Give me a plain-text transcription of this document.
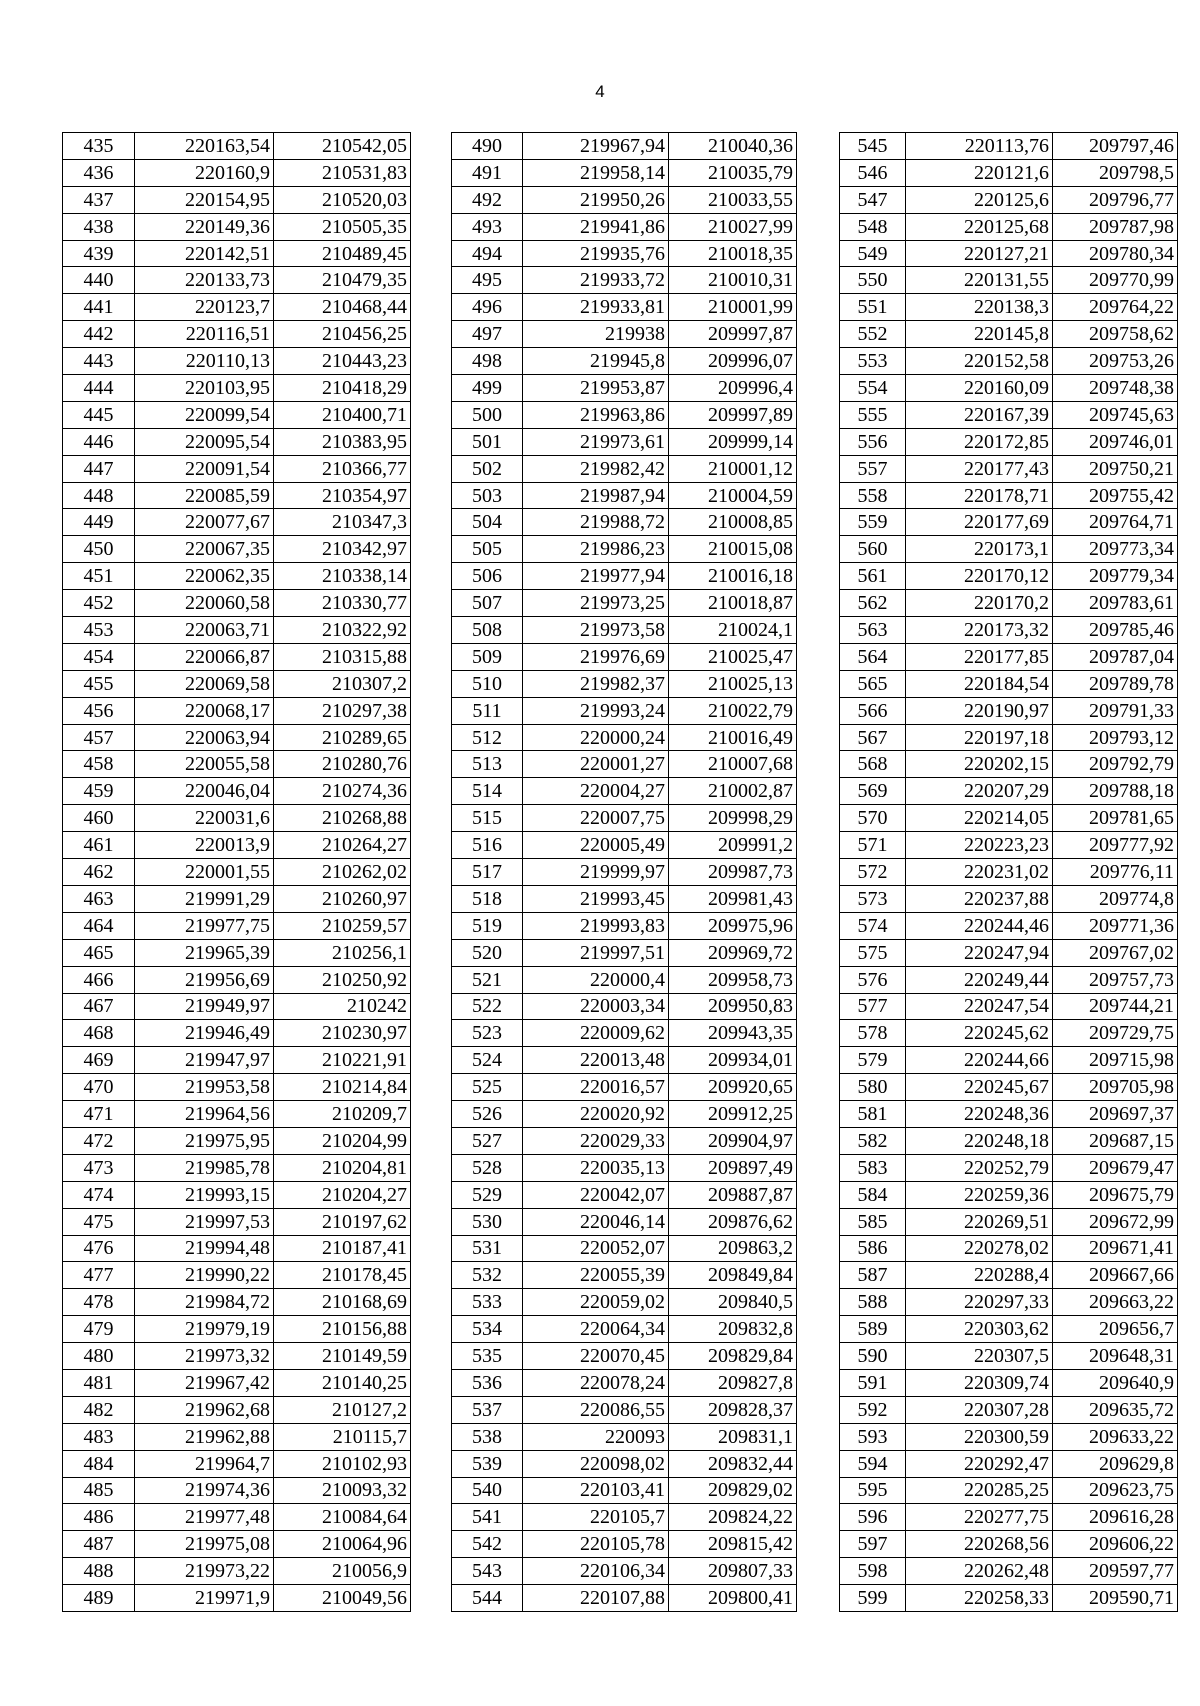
4
435	220163,54	210542,05
436	220160,9	210531,83
437	220154,95	210520,03
438	220149,36	210505,35
439	220142,51	210489,45
440	220133,73	210479,35
441	220123,7	210468,44
442	220116,51	210456,25
443	220110,13	210443,23
444	220103,95	210418,29
445	220099,54	210400,71
446	220095,54	210383,95
447	220091,54	210366,77
448	220085,59	210354,97
449	220077,67	210347,3
450	220067,35	210342,97
451	220062,35	210338,14
452	220060,58	210330,77
453	220063,71	210322,92
454	220066,87	210315,88
455	220069,58	210307,2
456	220068,17	210297,38
457	220063,94	210289,65
458	220055,58	210280,76
459	220046,04	210274,36
460	220031,6	210268,88
461	220013,9	210264,27
462	220001,55	210262,02
463	219991,29	210260,97
464	219977,75	210259,57
465	219965,39	210256,1
466	219956,69	210250,92
467	219949,97	210242
468	219946,49	210230,97
469	219947,97	210221,91
470	219953,58	210214,84
471	219964,56	210209,7
472	219975,95	210204,99
473	219985,78	210204,81
474	219993,15	210204,27
475	219997,53	210197,62
476	219994,48	210187,41
477	219990,22	210178,45
478	219984,72	210168,69
479	219979,19	210156,88
480	219973,32	210149,59
481	219967,42	210140,25
482	219962,68	210127,2
483	219962,88	210115,7
484	219964,7	210102,93
485	219974,36	210093,32
486	219977,48	210084,64
487	219975,08	210064,96
488	219973,22	210056,9
489	219971,9	210049,56
490	219967,94	210040,36
491	219958,14	210035,79
492	219950,26	210033,55
493	219941,86	210027,99
494	219935,76	210018,35
495	219933,72	210010,31
496	219933,81	210001,99
497	219938	209997,87
498	219945,8	209996,07
499	219953,87	209996,4
500	219963,86	209997,89
501	219973,61	209999,14
502	219982,42	210001,12
503	219987,94	210004,59
504	219988,72	210008,85
505	219986,23	210015,08
506	219977,94	210016,18
507	219973,25	210018,87
508	219973,58	210024,1
509	219976,69	210025,47
510	219982,37	210025,13
511	219993,24	210022,79
512	220000,24	210016,49
513	220001,27	210007,68
514	220004,27	210002,87
515	220007,75	209998,29
516	220005,49	209991,2
517	219999,97	209987,73
518	219993,45	209981,43
519	219993,83	209975,96
520	219997,51	209969,72
521	220000,4	209958,73
522	220003,34	209950,83
523	220009,62	209943,35
524	220013,48	209934,01
525	220016,57	209920,65
526	220020,92	209912,25
527	220029,33	209904,97
528	220035,13	209897,49
529	220042,07	209887,87
530	220046,14	209876,62
531	220052,07	209863,2
532	220055,39	209849,84
533	220059,02	209840,5
534	220064,34	209832,8
535	220070,45	209829,84
536	220078,24	209827,8
537	220086,55	209828,37
538	220093	209831,1
539	220098,02	209832,44
540	220103,41	209829,02
541	220105,7	209824,22
542	220105,78	209815,42
543	220106,34	209807,33
544	220107,88	209800,41
545	220113,76	209797,46
546	220121,6	209798,5
547	220125,6	209796,77
548	220125,68	209787,98
549	220127,21	209780,34
550	220131,55	209770,99
551	220138,3	209764,22
552	220145,8	209758,62
553	220152,58	209753,26
554	220160,09	209748,38
555	220167,39	209745,63
556	220172,85	209746,01
557	220177,43	209750,21
558	220178,71	209755,42
559	220177,69	209764,71
560	220173,1	209773,34
561	220170,12	209779,34
562	220170,2	209783,61
563	220173,32	209785,46
564	220177,85	209787,04
565	220184,54	209789,78
566	220190,97	209791,33
567	220197,18	209793,12
568	220202,15	209792,79
569	220207,29	209788,18
570	220214,05	209781,65
571	220223,23	209777,92
572	220231,02	209776,11
573	220237,88	209774,8
574	220244,46	209771,36
575	220247,94	209767,02
576	220249,44	209757,73
577	220247,54	209744,21
578	220245,62	209729,75
579	220244,66	209715,98
580	220245,67	209705,98
581	220248,36	209697,37
582	220248,18	209687,15
583	220252,79	209679,47
584	220259,36	209675,79
585	220269,51	209672,99
586	220278,02	209671,41
587	220288,4	209667,66
588	220297,33	209663,22
589	220303,62	209656,7
590	220307,5	209648,31
591	220309,74	209640,9
592	220307,28	209635,72
593	220300,59	209633,22
594	220292,47	209629,8
595	220285,25	209623,75
596	220277,75	209616,28
597	220268,56	209606,22
598	220262,48	209597,77
599	220258,33	209590,71
